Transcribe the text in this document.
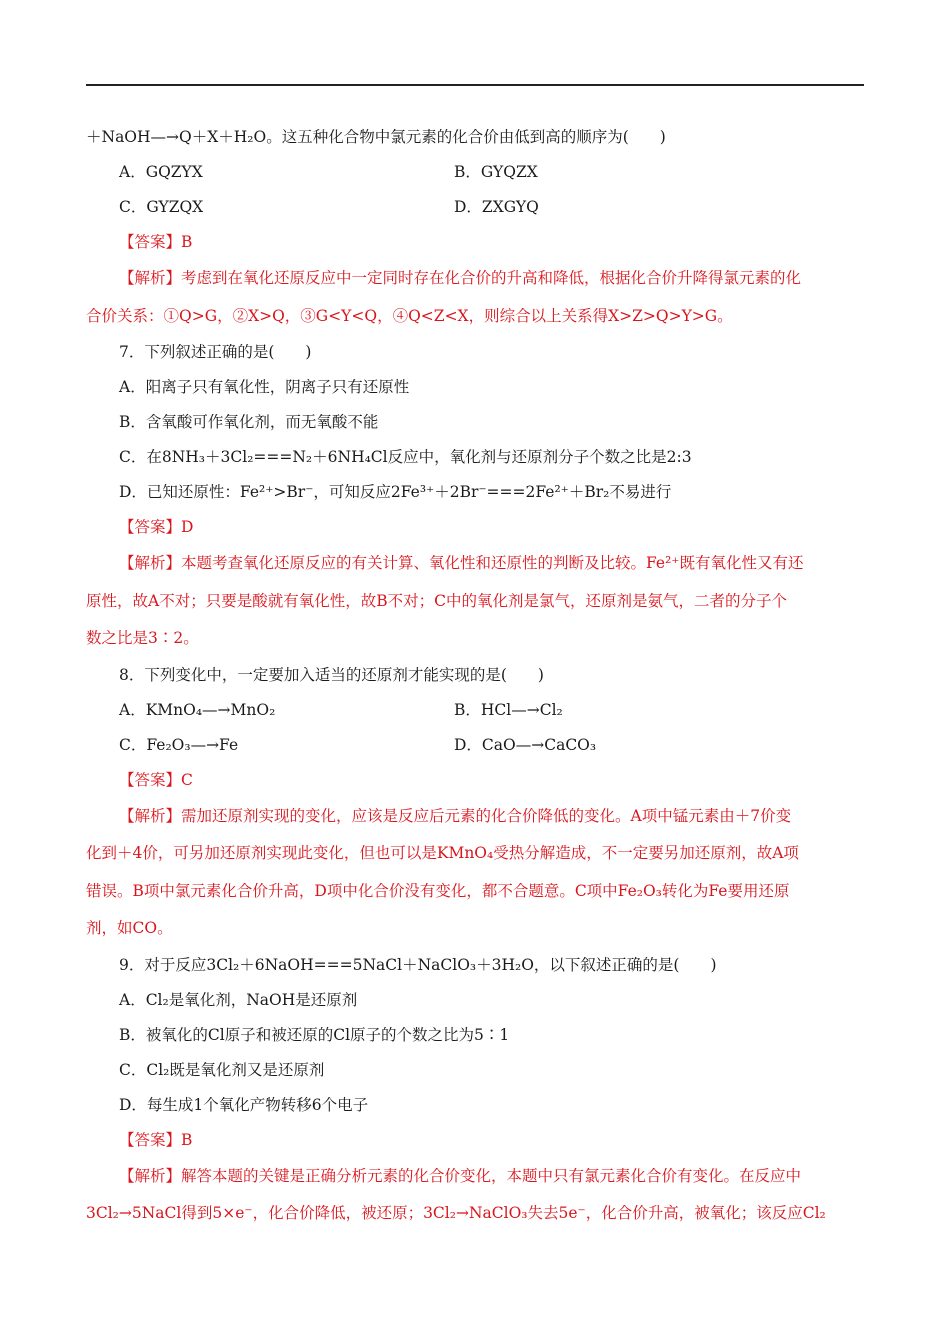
＋NaOH—→Q＋X＋H₂O。这五种化合物中氯元素的化合价由低到高的顺序为(　　)
A．GQZYX	B．GYQZX
C．GYZQX	D．ZXGYQ
【答案】B
【解析】考虑到在氧化还原反应中一定同时存在化合价的升高和降低，根据化合价升降得氯元素的化
合价关系：①Q>G，②X>Q，③G<Y<Q，④Q<Z<X，则综合以上关系得X>Z>Q>Y>G。
7．下列叙述正确的是(　　)
A．阳离子只有氧化性，阴离子只有还原性
B．含氧酸可作氧化剂，而无氧酸不能
C．在8NH₃＋3Cl₂===N₂＋6NH₄Cl反应中，氧化剂与还原剂分子个数之比是2:3
D．已知还原性：Fe²⁺>Br⁻，可知反应2Fe³⁺＋2Br⁻===2Fe²⁺＋Br₂不易进行
【答案】D
【解析】本题考查氧化还原反应的有关计算、氧化性和还原性的判断及比较。Fe²⁺既有氧化性又有还
原性，故A不对；只要是酸就有氧化性，故B不对；C中的氧化剂是氯气，还原剂是氨气，二者的分子个
数之比是3∶2。
8．下列变化中，一定要加入适当的还原剂才能实现的是(　　)
A．KMnO₄—→MnO₂	B．HCl—→Cl₂
C．Fe₂O₃—→Fe	D．CaO—→CaCO₃
【答案】C
【解析】需加还原剂实现的变化，应该是反应后元素的化合价降低的变化。A项中锰元素由＋7价变
化到＋4价，可另加还原剂实现此变化，但也可以是KMnO₄受热分解造成，不一定要另加还原剂，故A项
错误。B项中氯元素化合价升高，D项中化合价没有变化，都不合题意。C项中Fe₂O₃转化为Fe要用还原
剂，如CO。
9．对于反应3Cl₂＋6NaOH===5NaCl＋NaClO₃＋3H₂O，以下叙述正确的是(　　)
A．Cl₂是氧化剂，NaOH是还原剂
B．被氧化的Cl原子和被还原的Cl原子的个数之比为5∶1
C．Cl₂既是氧化剂又是还原剂
D．每生成1个氧化产物转移6个电子
【答案】B
【解析】解答本题的关键是正确分析元素的化合价变化，本题中只有氯元素化合价有变化。在反应中
3Cl₂→5NaCl得到5×e⁻，化合价降低，被还原；3Cl₂→NaClO₃失去5e⁻，化合价升高，被氧化；该反应Cl₂
